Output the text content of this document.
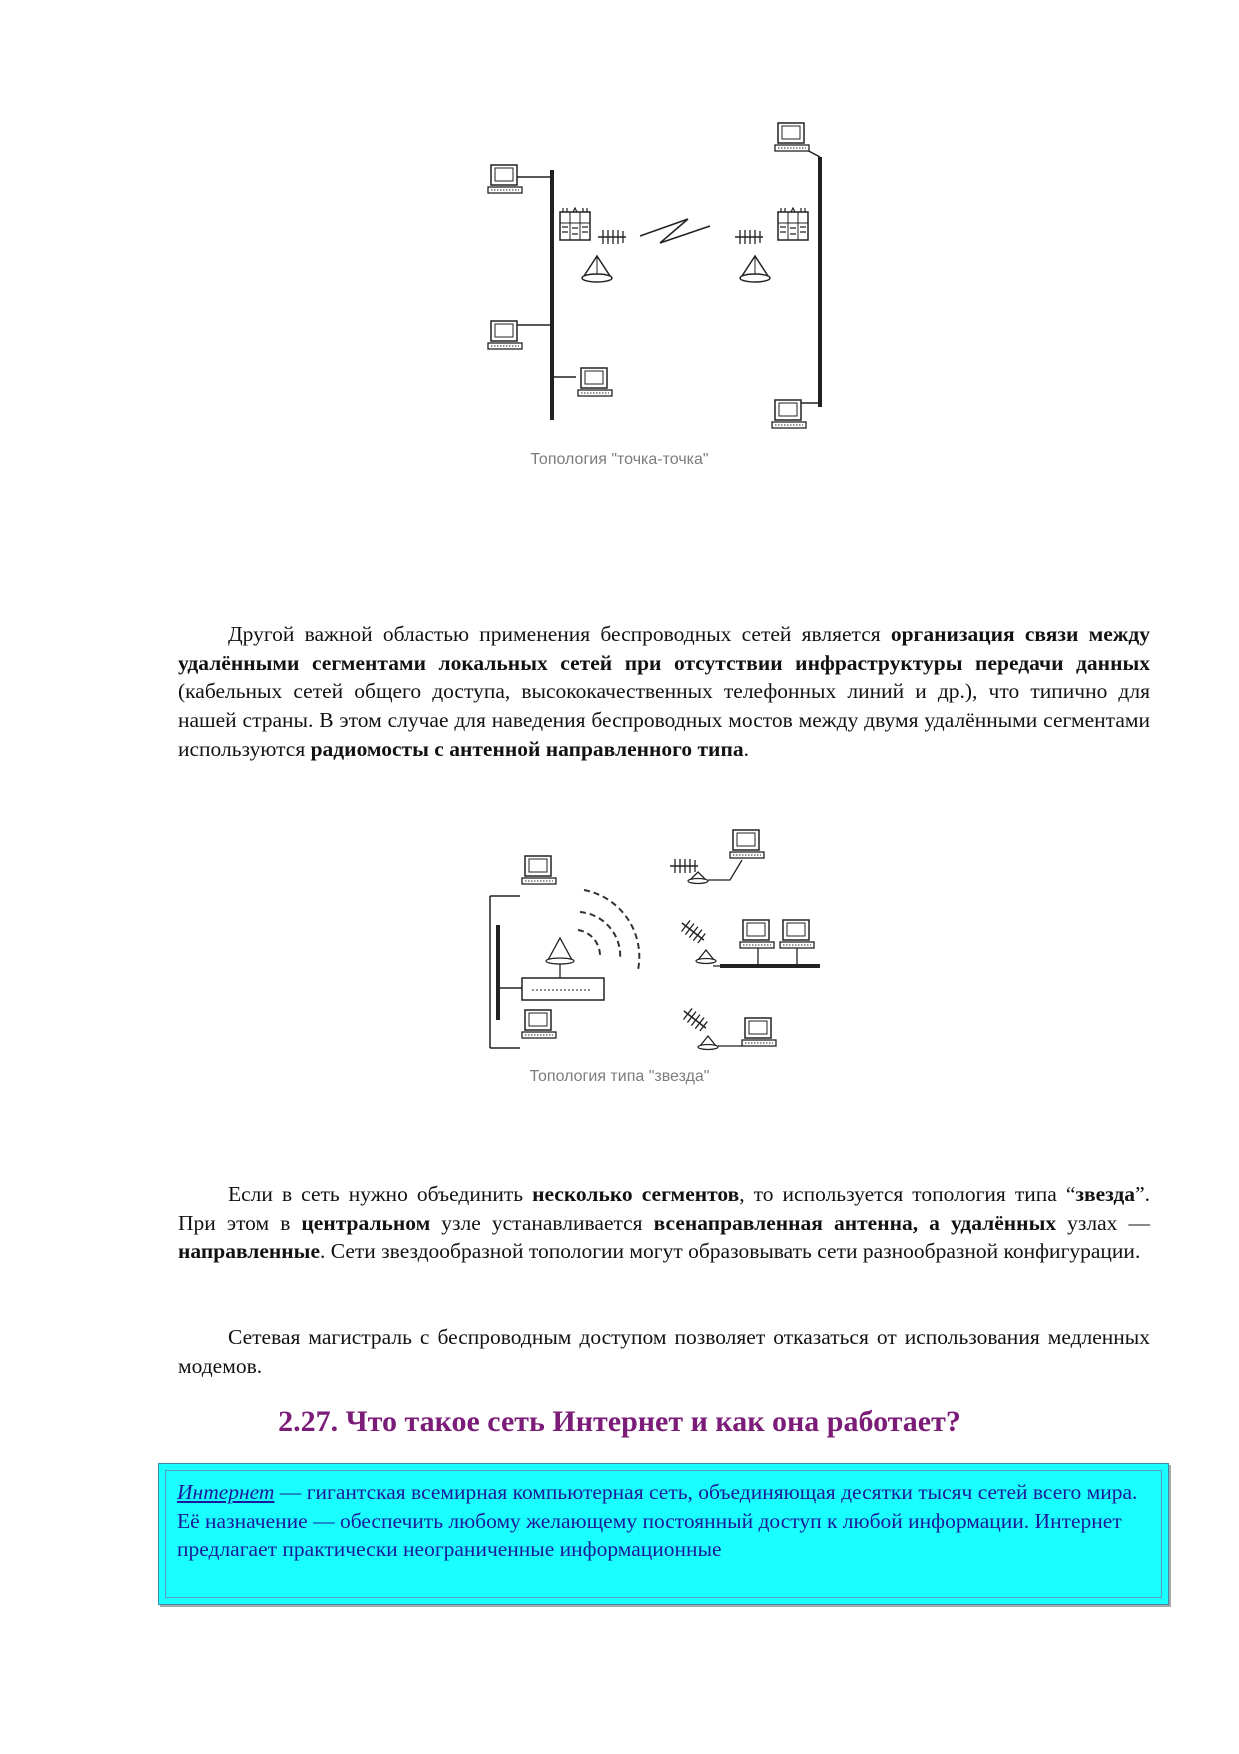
Топология "точка-точка"

Другой важной областью применения беспроводных сетей является организация связи между удалёнными сегментами локальных сетей при отсутствии инфраструктуры передачи данных (кабельных сетей общего доступа, высококачественных телефонных линий и др.), что типично для нашей страны. В этом случае для наведения беспроводных мостов между двумя удалёнными сегментами используются радиомосты с антенной направленного типа.

Топология типа "звезда"

Если в сеть нужно объединить несколько сегментов, то используется топология типа “звезда”. При этом в центральном узле устанавливается всенаправленная антенна, а удалённых узлах — направленные. Сети звездообразной топологии могут образовывать сети разнообразной конфигурации.

Сетевая магистраль с беспроводным доступом позволяет отказаться от использования медленных модемов.

2.27. Что такое сеть Интернет и как она работает?

Интернет — гигантская всемирная компьютерная сеть, объединяющая десятки тысяч сетей всего мира. Её назначение — обеспечить любому желающему постоянный доступ к любой информации. Интернет предлагает практически неограниченные информационные
